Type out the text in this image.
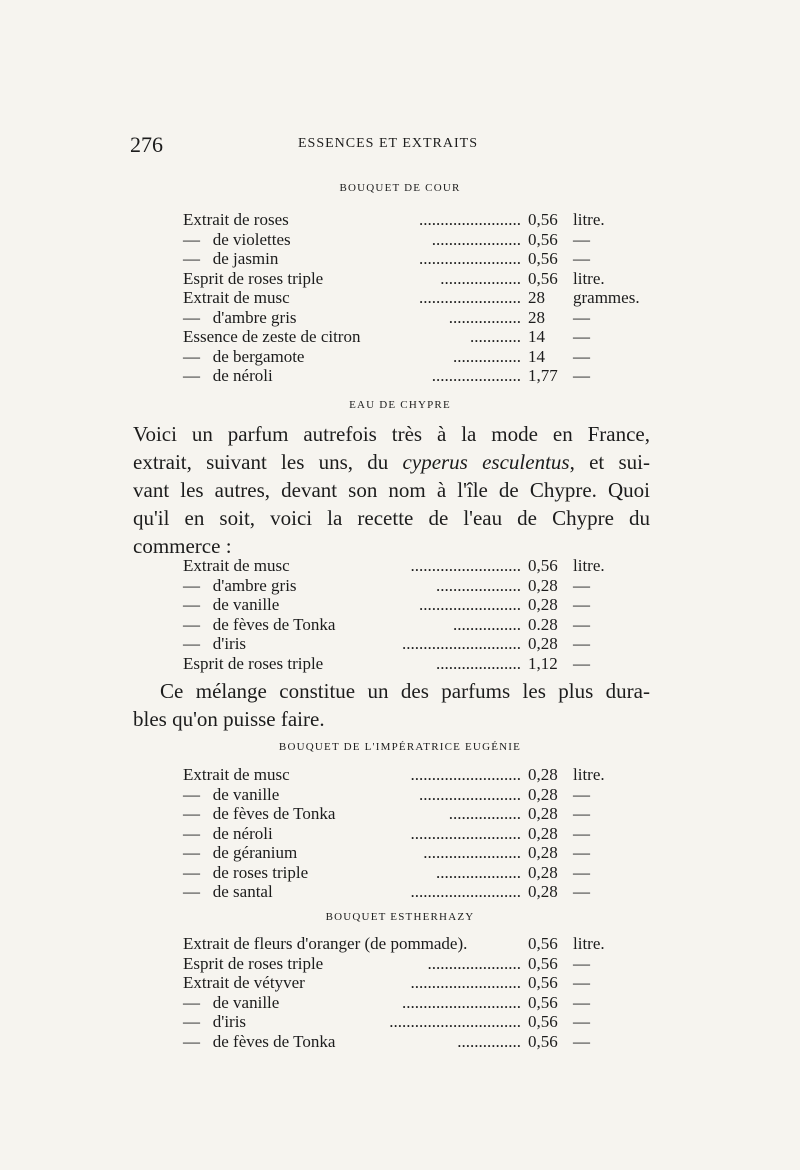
276	ESSENCES ET EXTRAITS
BOUQUET DE COUR
Extrait de roses	........................ 0,56 litre.
—   de violettes	..................... 0,56 —
—   de jasmin	........................ 0,56 —
Esprit de roses triple	................... 0,56 litre.
Extrait de musc	........................ 28 grammes.
—   d'ambre gris	................. 28 —
Essence de zeste de citron	............ 14 —
—   de bergamote	................ 14 —
—   de néroli	..................... 1,77 —
EAU DE CHYPRE
Voici un parfum autrefois très à la mode en France,
extrait, suivant les uns, du cyperus esculentus, et sui-
vant les autres, devant son nom à l'île de Chypre. Quoi
qu'il en soit, voici la recette de l'eau de Chypre du
commerce :
Extrait de musc	.......................... 0,56 litre.
—   d'ambre gris	.................... 0,28 —
—   de vanille	........................ 0,28 —
—   de fèves de Tonka	................ 0.28 —
—   d'iris	............................ 0,28 —
Esprit de roses triple	.................... 1,12 —
Ce mélange constitue un des parfums les plus dura-
bles qu'on puisse faire.
BOUQUET DE L'IMPÉRATRICE EUGÉNIE
Extrait de musc	.......................... 0,28 litre.
—   de vanille	........................ 0,28 —
—   de fèves de Tonka	................. 0,28 —
—   de néroli	.......................... 0,28 —
—   de géranium	....................... 0,28 —
—   de roses triple	.................... 0,28 —
—   de santal	.......................... 0,28 —
BOUQUET ESTHERHAZY
Extrait de fleurs d'oranger (de pommade).	0,56 litre.
Esprit de roses triple	...................... 0,56 —
Extrait de vétyver	.......................... 0,56 —
—   de vanille	............................ 0,56 —
—   d'iris	............................... 0,56 —
—   de fèves de Tonka	............... 0,56 —
